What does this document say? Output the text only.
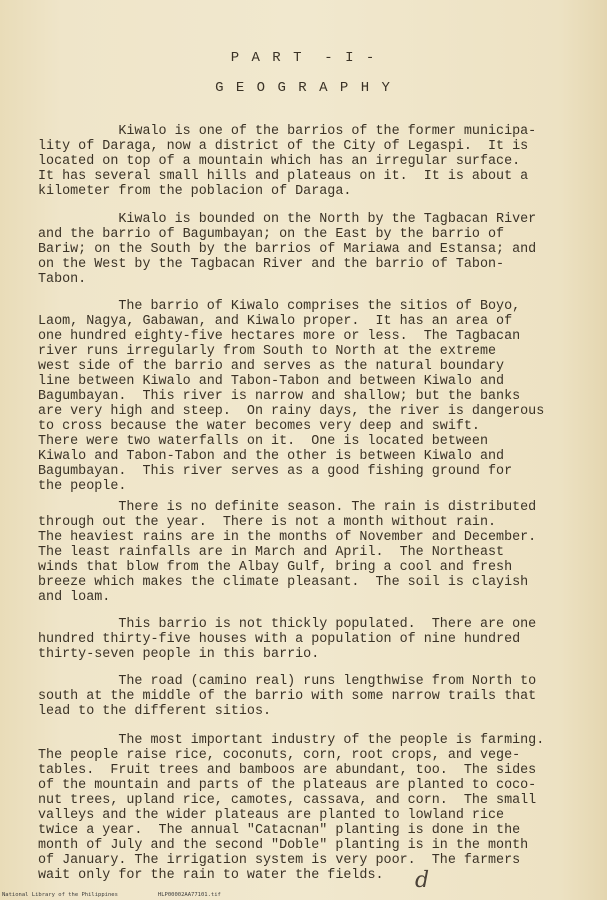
P A R T  - I -
G E O G R A P H Y
Kiwalo is one of the barrios of the former municipa-
lity of Daraga, now a district of the City of Legaspi.  It is
located on top of a mountain which has an irregular surface.
It has several small hills and plateaus on it.  It is about a
kilometer from the poblacion of Daraga.
Kiwalo is bounded on the North by the Tagbacan River
and the barrio of Bagumbayan; on the East by the barrio of
Bariw; on the South by the barrios of Mariawa and Estansa; and
on the West by the Tagbacan River and the barrio of Tabon-
Tabon.
The barrio of Kiwalo comprises the sitios of Boyo,
Laom, Nagya, Gabawan, and Kiwalo proper.  It has an area of
one hundred eighty-five hectares more or less.  The Tagbacan
river runs irregularly from South to North at the extreme
west side of the barrio and serves as the natural boundary
line between Kiwalo and Tabon-Tabon and between Kiwalo and
Bagumbayan.  This river is narrow and shallow; but the banks
are very high and steep.  On rainy days, the river is dangerous
to cross because the water becomes very deep and swift.
There were two waterfalls on it.  One is located between
Kiwalo and Tabon-Tabon and the other is between Kiwalo and
Bagumbayan.  This river serves as a good fishing ground for
the people.
There is no definite season. The rain is distributed
through out the year.  There is not a month without rain.
The heaviest rains are in the months of November and December.
The least rainfalls are in March and April.  The Northeast
winds that blow from the Albay Gulf, bring a cool and fresh
breeze which makes the climate pleasant.  The soil is clayish
and loam.
This barrio is not thickly populated.  There are one
hundred thirty-five houses with a population of nine hundred
thirty-seven people in this barrio.
The road (camino real) runs lengthwise from North to
south at the middle of the barrio with some narrow trails that
lead to the different sitios.
The most important industry of the people is farming.
The people raise rice, coconuts, corn, root crops, and vege-
tables.  Fruit trees and bamboos are abundant, too.  The sides
of the mountain and parts of the plateaus are planted to coco-
nut trees, upland rice, camotes, cassava, and corn.  The small
valleys and the wider plateaus are planted to lowland rice
twice a year.  The annual "Catacnan" planting is done in the
month of July and the second "Doble" planting is in the month
of January. The irrigation system is very poor.  The farmers
wait only for the rain to water the fields.	d
National Library of the Philippines	HLP00002AA77101.tif
